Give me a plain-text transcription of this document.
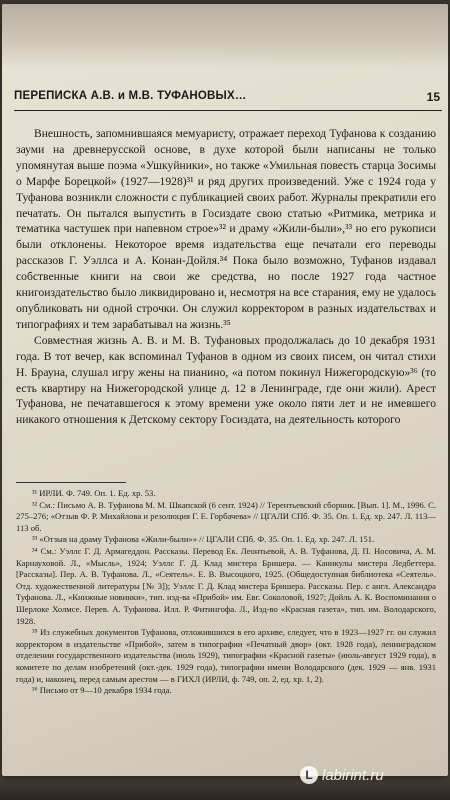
ПЕРЕПИСКА А.В. и М.В. ТУФАНОВЫХ…	15

Внешность, запомнившаяся мемуаристу, отражает переход Туфанова к созданию зауми на древнерусской основе, в духе которой были написаны не только упомянутая выше поэма «Ушкуйники», но также «Умильная повесть старца Зосимы о Марфе Борецкой» (1927—1928)³¹ и ряд других произведений. Уже с 1924 года у Туфанова возникли сложности с публикацией своих работ. Журналы прекратили его печатать. Он пытался выпустить в Госиздате свою статью «Ритмика, метрика и тематика частушек при напевном строе»³² и драму «Жили-были»,³³ но его рукописи были отклонены. Некоторое время издательства еще печатали его переводы рассказов Г. Уэллса и А. Конан-Дойля.³⁴ Пока было возможно, Туфанов издавал собственные книги на свои же средства, но после 1927 года частное книгоиздательство было ликвидировано и, несмотря на все старания, ему не удалось опубликовать ни одной строчки. Он служил корректором в разных издательствах и типографиях и тем зарабатывал на жизнь.³⁵

Совместная жизнь А. В. и М. В. Туфановых продолжалась до 10 декабря 1931 года. В тот вечер, как вспоминал Туфанов в одном из своих писем, он читал стихи Н. Брауна, слушал игру жены на пианино, «а потом покинул Нижегородскую»³⁶ (то есть квартиру на Нижегородской улице д. 12 в Ленинграде, где они жили). Арест Туфанова, не печатавшегося к этому времени уже около пяти лет и не имевшего никакого отношения к Детскому сектору Госиздата, на деятельность которого

³¹ ИРЛИ. Ф. 749. Оп. 1. Ед. хр. 53.

³² См.: Письмо А. В. Туфанова М. М. Шкапской (6 сент. 1924) // Терентьевский сборник. [Вып. 1]. М., 1996. С. 275–276; «Отзыв Ф. Р. Михайлова и резолюция Г. Е. Горбачева» // ЦГАЛИ СПб. Ф. 35. Оп. 1. Ед. хр. 247. Л. 113—113 об.

³³ «Отзыв на драму Туфанова «Жили-были»» // ЦГАЛИ СПб. Ф. 35. Оп. 1. Ед. хр. 247. Л. 151.

³⁴ См.: Уэллс Г. Д. Армагеддон. Рассказы. Перевод Ек. Леонтьевой, А. В. Туфанова, Д. П. Носовича, А. М. Карнауховой. Л., «Мысль», 1924; Уэллс Г. Д. Клад мистера Бришера. — Каникулы мистера Ледбеттера. [Рассказы]. Пер. А. В. Туфанова. Л., «Сеятель». Е. В. Высоцкого, 1925. (Общедоступная библиотека «Сеятель». Отд. художественной литературы [№ 3]); Уэллс Г. Д. Клад мистера Бришера. Рассказы. Пер. с англ. Александра Туфанова. Л., «Книжные новинки», тип. изд-ва «Прибой» им. Евг. Соколовой, 1927; Дойль А. К. Воспоминания о Шерлоке Холмсе. Перев. А. Туфанова. Илл. Р. Фитингофа. Л., Изд-во «Красная газета», тип. им. Володарского, 1928.

³⁵ Из служебных документов Туфанова, отложившихся в его архиве, следует, что в 1923—1927 гг. он служил корректором в издательстве «Прибой», затем в типографии «Печатный двор» (окт. 1928 года), ленинградском отделении государственного издательства (июль 1929), типографии «Красной газеты» (июль-август 1929 года), в комитете по делам изобретений (окт.-дек. 1929 года), типографии имени Володарского (дек. 1929 — янв. 1931 года) и, наконец, перед самым арестом — в ГИХЛ (ИРЛИ, ф. 749, оп. 2, ед. хр. 1, 2).

³⁶ Письмо от 9—10 декабря 1934 года.

L labirint.ru
